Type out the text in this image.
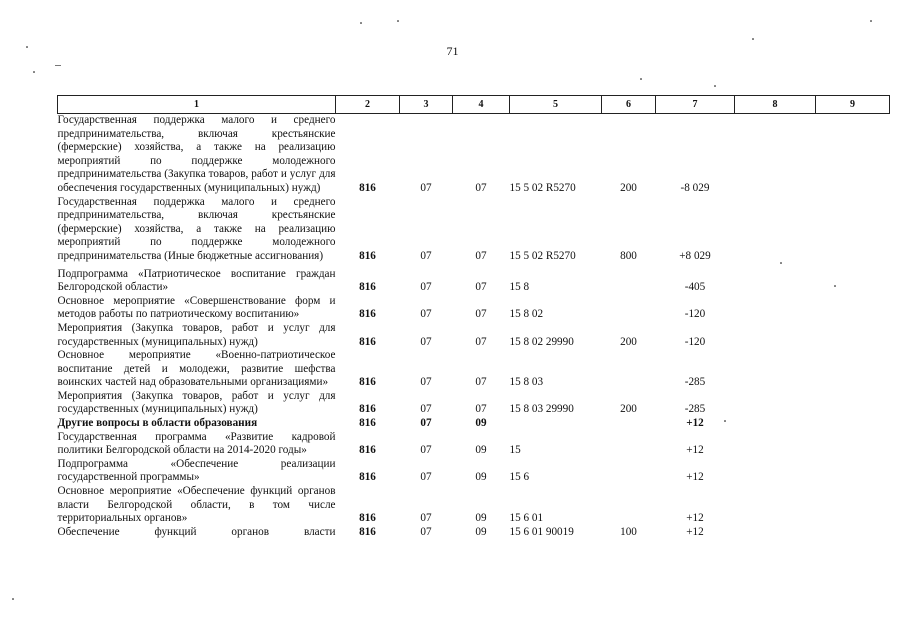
71
1	2	3	4	5	6	7	8	9
Государственная поддержка малого и среднего предпринимательства, включая крестьянские (фермерские) хозяйства, а также на реализацию мероприятий по поддержке молодежного предпринимательства (Закупка товаров, работ и услуг для обеспечения государственных (муниципальных) нужд)	816	07	07	15 5 02 R5270	200	-8 029		
Государственная поддержка малого и среднего предпринимательства, включая крестьянские (фермерские) хозяйства, а также на реализацию мероприятий по поддержке молодежного предпринимательства (Иные бюджетные ассигнования)	816	07	07	15 5 02 R5270	800	+8 029		

Подпрограмма «Патриотическое воспитание граждан Белгородской области»	816	07	07	15 8		-405		
Основное мероприятие «Совершенствование форм и методов работы по патриотическому воспитанию»	816	07	07	15 8 02		-120		
Мероприятия (Закупка товаров, работ и услуг для государственных (муниципальных) нужд)	816	07	07	15 8 02 29990	200	-120		
Основное мероприятие «Военно-патриотическое воспитание детей и молодежи, развитие шефства воинских частей над образовательными организациями»	816	07	07	15 8 03		-285		
Мероприятия (Закупка товаров, работ и услуг для государственных (муниципальных) нужд)	816	07	07	15 8 03 29990	200	-285		
Другие вопросы в области образования	816	07	09			+12		
Государственная программа «Развитие кадровой политики Белгородской области на 2014-2020 годы»	816	07	09	15		+12		
Подпрограмма «Обеспечение реализации государственной программы»	816	07	09	15 6		+12		
Основное мероприятие «Обеспечение функций органов власти Белгородской области, в том числе территориальных органов»	816	07	09	15 6 01		+12		
Обеспечение функций органов власти	816	07	09	15 6 01 90019	100	+12		
